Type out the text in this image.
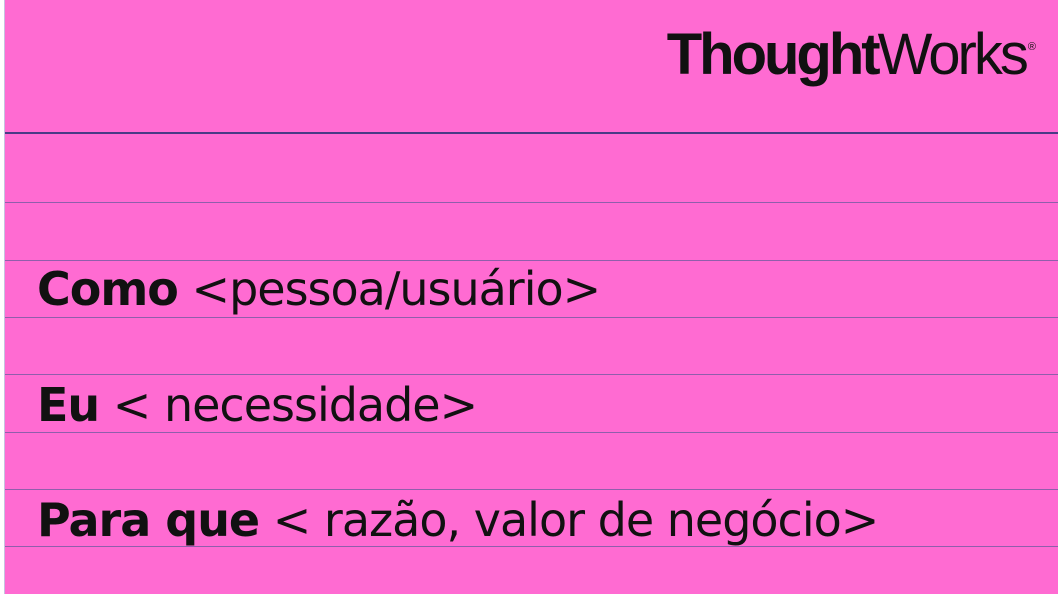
ThoughtWorks ®
Como <pessoa/usuário>
Eu < necessidade>
Para que < razão, valor de negócio>
